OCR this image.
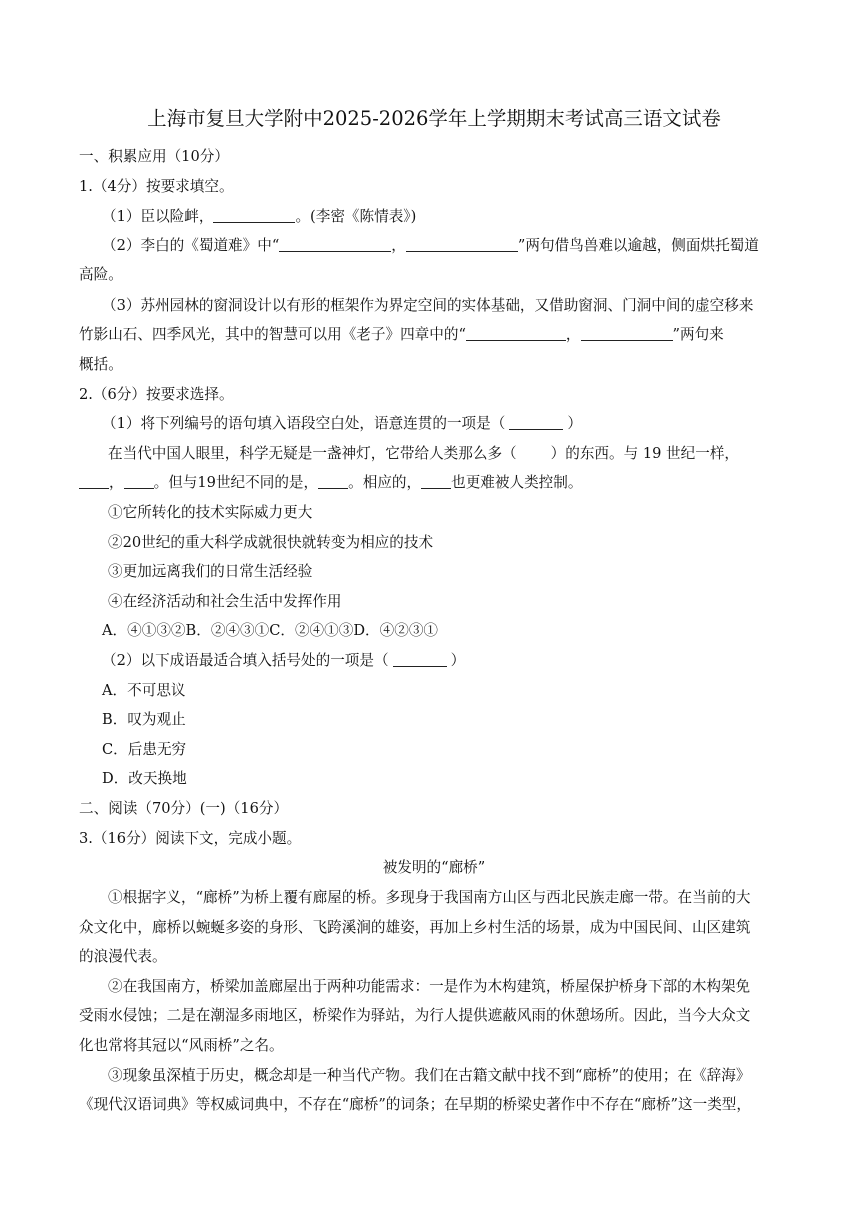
上海市复旦大学附中2025-2026学年上学期期末考试高三语文试卷
一、积累应用（10分）
1.（4分）按要求填空。
（1）臣以险衅，	。(李密《陈情表》)
（2）李白的《蜀道难》中“	，	”两句借鸟兽难以逾越，侧面烘托蜀道
高险。
（3）苏州园林的窗洞设计以有形的框架作为界定空间的实体基础，又借助窗洞、门洞中间的虚空移来
竹影山石、四季风光，其中的智慧可以用《老子》四章中的“	，	”两句来
概括。
2.（6分）按要求选择。
（1）将下列编号的语句填入语段空白处，语意连贯的一项是（	）
在当代中国人眼里，科学无疑是一盏神灯，它带给人类那么多（ ）的东西。与 19 世纪一样，
， 。但与19世纪不同的是， 。相应的， 也更难被人类控制。
①它所转化的技术实际威力更大
②20世纪的重大科学成就很快就转变为相应的技术
③更加远离我们的日常生活经验
④在经济活动和社会生活中发挥作用
A．④①③②B．②④③①C．②④①③D．④②③①
（2）以下成语最适合填入括号处的一项是（	）
A．不可思议
B．叹为观止
C．后患无穷
D．改天换地
二、阅读（70分）(一)（16分）
3.（16分）阅读下文，完成小题。
被发明的“廊桥”
①根据字义，“廊桥”为桥上覆有廊屋的桥。多现身于我国南方山区与西北民族走廊一带。在当前的大
众文化中，廊桥以蜿蜒多姿的身形、飞跨溪涧的雄姿，再加上乡村生活的场景，成为中国民间、山区建筑
的浪漫代表。
②在我国南方，桥梁加盖廊屋出于两种功能需求：一是作为木构建筑，桥屋保护桥身下部的木构架免
受雨水侵蚀；二是在潮湿多雨地区，桥梁作为驿站，为行人提供遮蔽风雨的休憩场所。因此，当今大众文
化也常将其冠以“风雨桥”之名。
③现象虽深植于历史，概念却是一种当代产物。我们在古籍文献中找不到“廊桥”的使用；在《辞海》
《现代汉语词典》等权威词典中，不存在“廊桥”的词条；在早期的桥梁史著作中不存在“廊桥”这一类型，
